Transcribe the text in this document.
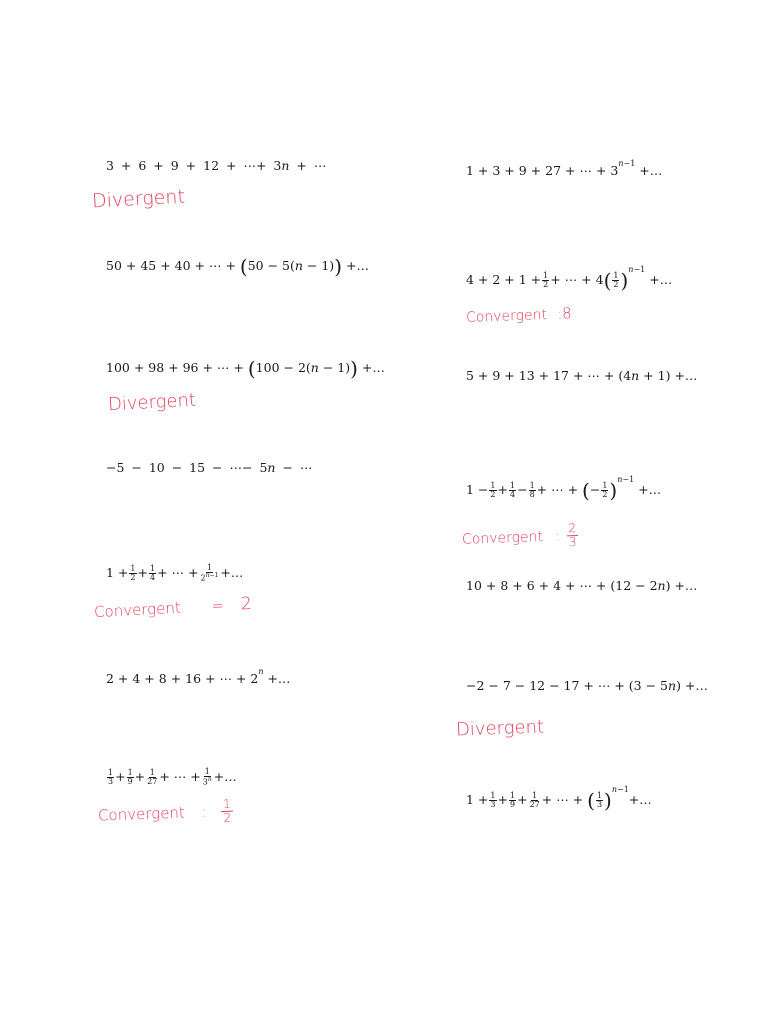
3 + 6 + 9 + 12 + ⋯+ 3n + ⋯
Divergent
50 + 45 + 40 + ⋯ + (50 − 5(n − 1)) +…
100 + 98 + 96 + ⋯ + (100 − 2(n − 1)) +…
Divergent
−5 − 10 − 15 − ⋯− 5n − ⋯
$1 + \frac{1}{2} + \frac{1}{4}$ + ⋯ + $\frac{1}{2^{n-1}}$ +…
Convergent = 2
2 + 4 + 8 + 16 + ⋯ + $2^n$ +…
$\frac{1}{3} + \frac{1}{9} + \frac{1}{27}$ + ⋯ + $\frac{1}{3^n}$ +…
Convergent : $\frac{1}{2}$
1 + 3 + 9 + 27 + ⋯ + $3^{n-1}$ +…
$4 + 2 + 1 + \frac{1}{2}$ + ⋯ + $4( \frac{1}{2} )^{n-1}$ +…
Convergent :8
5 + 9 + 13 + 17 + ⋯ + (4n + 1) +…
$1 - \frac{1}{2} + \frac{1}{4} - \frac{1}{8}$ + ⋯ + (− $\frac{1}{2} )^{n-1}$ +…
Convergent : $\frac{2}{3}$
10 + 8 + 6 + 4 + ⋯ + (12 − 2n) +…
−2 − 7 − 12 − 17 + ⋯ + (3 − 5n) +…
Divergent
$1 + \frac{1}{3} + \frac{1}{9} + \frac{1}{27}$ + ⋯ + ( $\frac{1}{3}$ )$^{n-1}$+…
